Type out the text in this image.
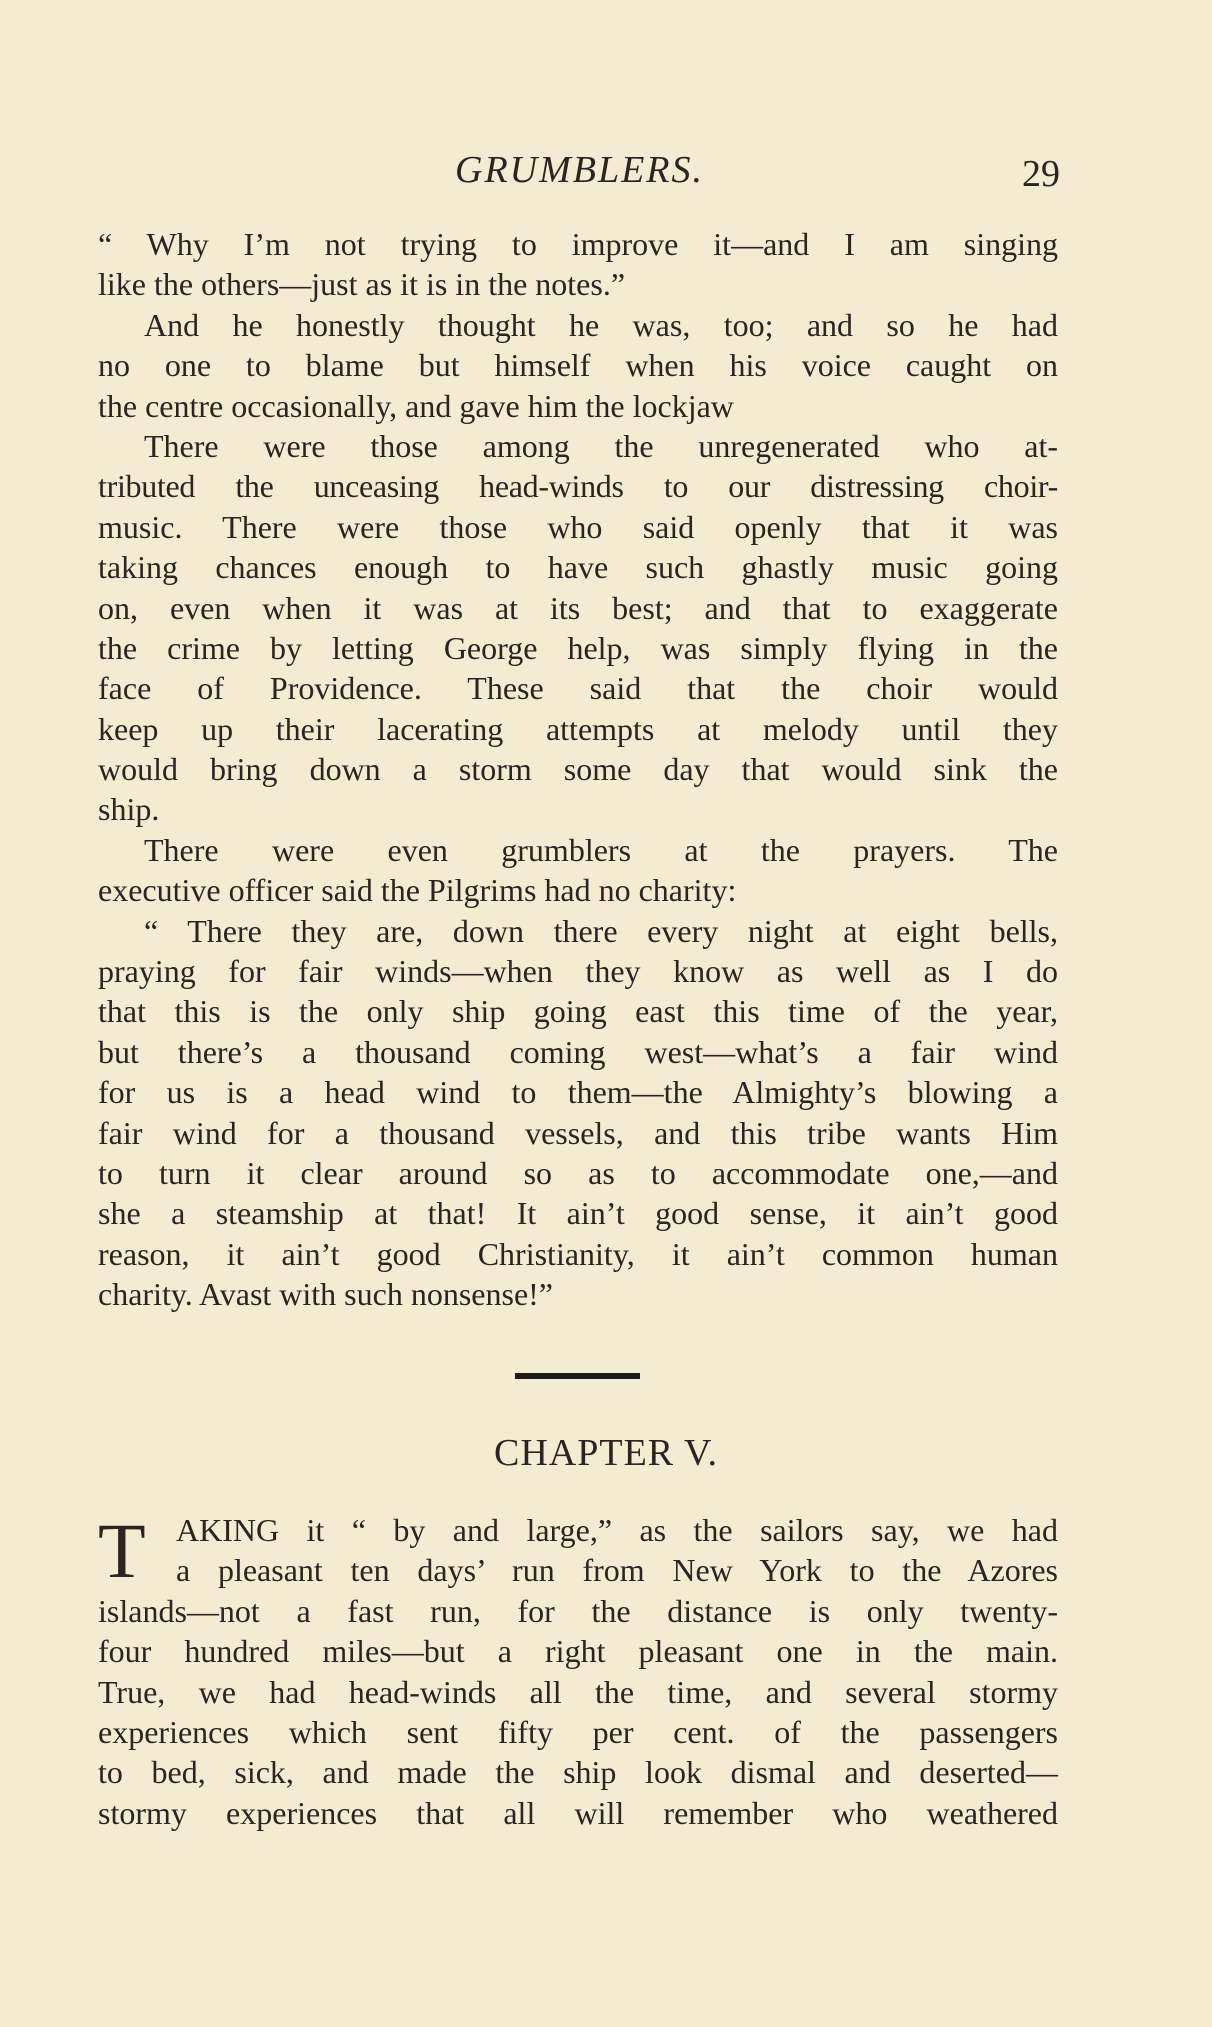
GRUMBLERS.	29
“ Why I’m not trying to improve it—and I am singing
like the others—just as it is in the notes.”
And he honestly thought he was, too; and so he had
no one to blame but himself when his voice caught on
the centre occasionally, and gave him the lockjaw
There were those among the unregenerated who at-
tributed the unceasing head-winds to our distressing choir-
music. There were those who said openly that it was
taking chances enough to have such ghastly music going
on, even when it was at its best; and that to exaggerate
the crime by letting George help, was simply flying in the
face of Providence. These said that the choir would
keep up their lacerating attempts at melody until they
would bring down a storm some day that would sink the
ship.
There were even grumblers at the prayers. The
executive officer said the Pilgrims had no charity:
“ There they are, down there every night at eight bells,
praying for fair winds—when they know as well as I do
that this is the only ship going east this time of the year,
but there’s a thousand coming west—what’s a fair wind
for us is a head wind to them—the Almighty’s blowing a
fair wind for a thousand vessels, and this tribe wants Him
to turn it clear around so as to accommodate one,—and
she a steamship at that! It ain’t good sense, it ain’t good
reason, it ain’t good Christianity, it ain’t common human
charity. Avast with such nonsense!”
CHAPTER V.
T AKING it “ by and large,” as the sailors say, we had
a pleasant ten days’ run from New York to the Azores
islands—not a fast run, for the distance is only twenty-
four hundred miles—but a right pleasant one in the main.
True, we had head-winds all the time, and several stormy
experiences which sent fifty per cent. of the passengers
to bed, sick, and made the ship look dismal and deserted—
stormy experiences that all will remember who weathered
